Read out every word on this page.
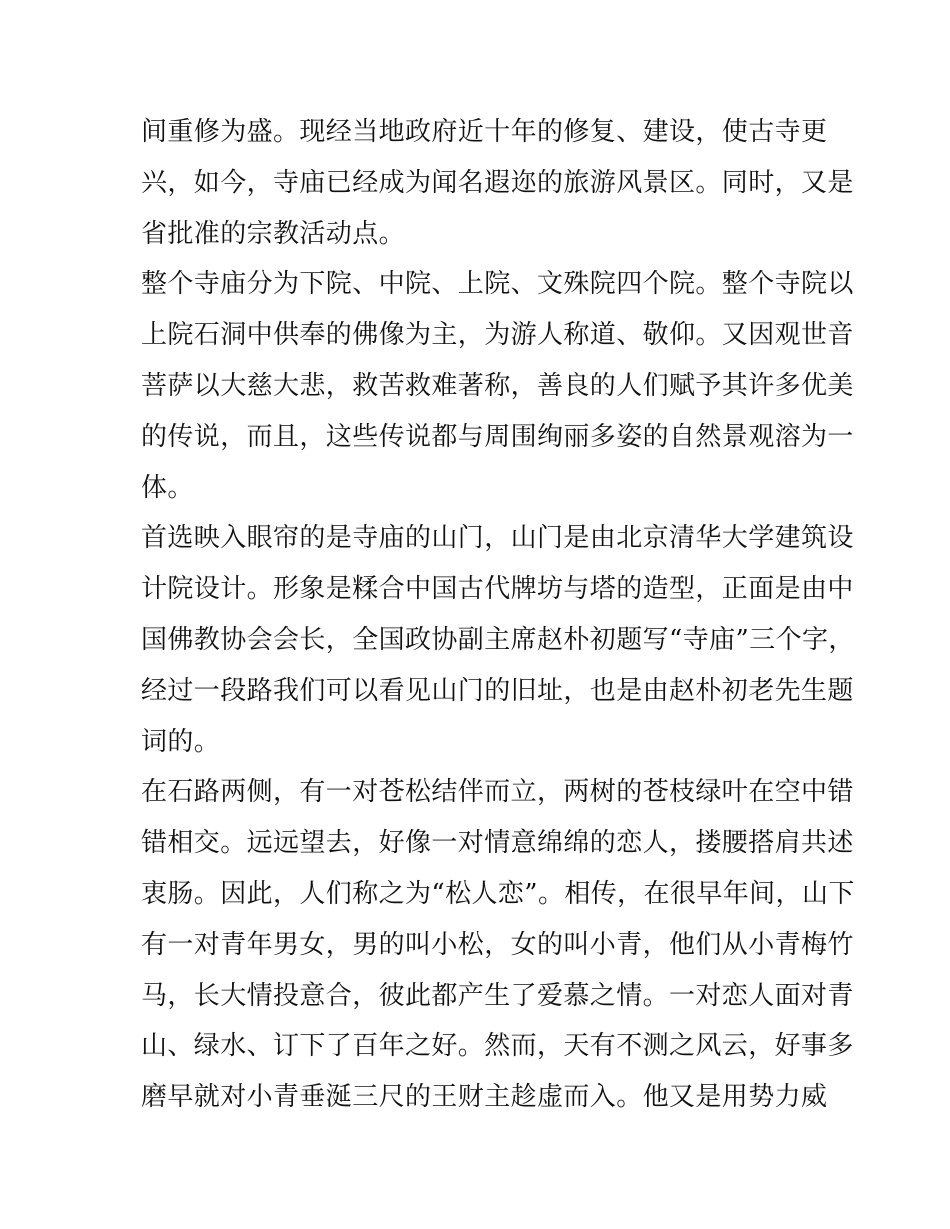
间重修为盛。现经当地政府近十年的修复、建设，使古寺更
兴，如今，寺庙已经成为闻名遐迩的旅游风景区。同时，又是
省批准的宗教活动点。
整个寺庙分为下院、中院、上院、文殊院四个院。整个寺院以
上院石洞中供奉的佛像为主，为游人称道、敬仰。又因观世音
菩萨以大慈大悲，救苦救难著称，善良的人们赋予其许多优美
的传说，而且，这些传说都与周围绚丽多姿的自然景观溶为一
体。
首选映入眼帘的是寺庙的山门，山门是由北京清华大学建筑设
计院设计。形象是糅合中国古代牌坊与塔的造型，正面是由中
国佛教协会会长，全国政协副主席赵朴初题写“寺庙”三个字，
经过一段路我们可以看见山门的旧址，也是由赵朴初老先生题
词的。
在石路两侧，有一对苍松结伴而立，两树的苍枝绿叶在空中错
错相交。远远望去，好像一对情意绵绵的恋人，搂腰搭肩共述
衷肠。因此，人们称之为“松人恋”。相传，在很早年间，山下
有一对青年男女，男的叫小松，女的叫小青，他们从小青梅竹
马，长大情投意合，彼此都产生了爱慕之情。一对恋人面对青
山、绿水、订下了百年之好。然而，天有不测之风云，好事多
磨早就对小青垂涎三尺的王财主趁虚而入。他又是用势力威
